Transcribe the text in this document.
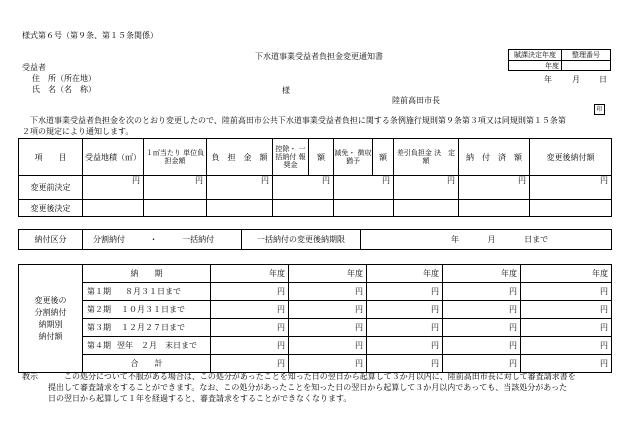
様式第６号（第９条、第１５条関係）
下水道事業受益者負担金変更通知書	賦課決定年度	整理番号
年度	
受益者
住　所（所在地）
氏　名（名　称）	様
年	月 日
陸前高田市長
印
下水道事業受益者負担金を次のとおり変更したので、陸前高田市公共下水道事業受益者負担に関する条例施行規則第９条第３項又は同規則第１５条第
２項の規定により通知します。
項　　目	受益地積（㎡）	１㎡当たり 単位負担金額	負　担　金　額	控除・ 一括納付 報奨金	額	減免・ 徴収猶予	額	差引負担金 決　定　額	納　付　済　額	変更後納付額
変更前決定	円	円	円	円		円		円	円	円
変更後決定										
納付区分	分割納付	・	一括納付	一括納付の変更後納期限	年	月	日まで
変更後の
分割納付
納期別
納付額	納　　期	年度	年度	年度	年度	年度
	第１期 ８月３１日まで	円	円	円	円	円
	第２期 １０月３１日まで	円	円	円	円	円
	第３期 １２月２７日まで	円	円	円	円	円
	第４期 翌年　２月　末日まで	円	円	円	円	円
	合　　計	円	円	円	円	円
教示	この処分について不服がある場合は、この処分があったことを知った日の翌日から起算して３か月以内に、陸前高田市長に対して審査請求書を
提出して審査請求をすることができます。なお、この処分があったことを知った日の翌日から起算して３か月以内であっても、当該処分があった
日の翌日から起算して１年を経過すると、審査請求をすることができなくなります。
